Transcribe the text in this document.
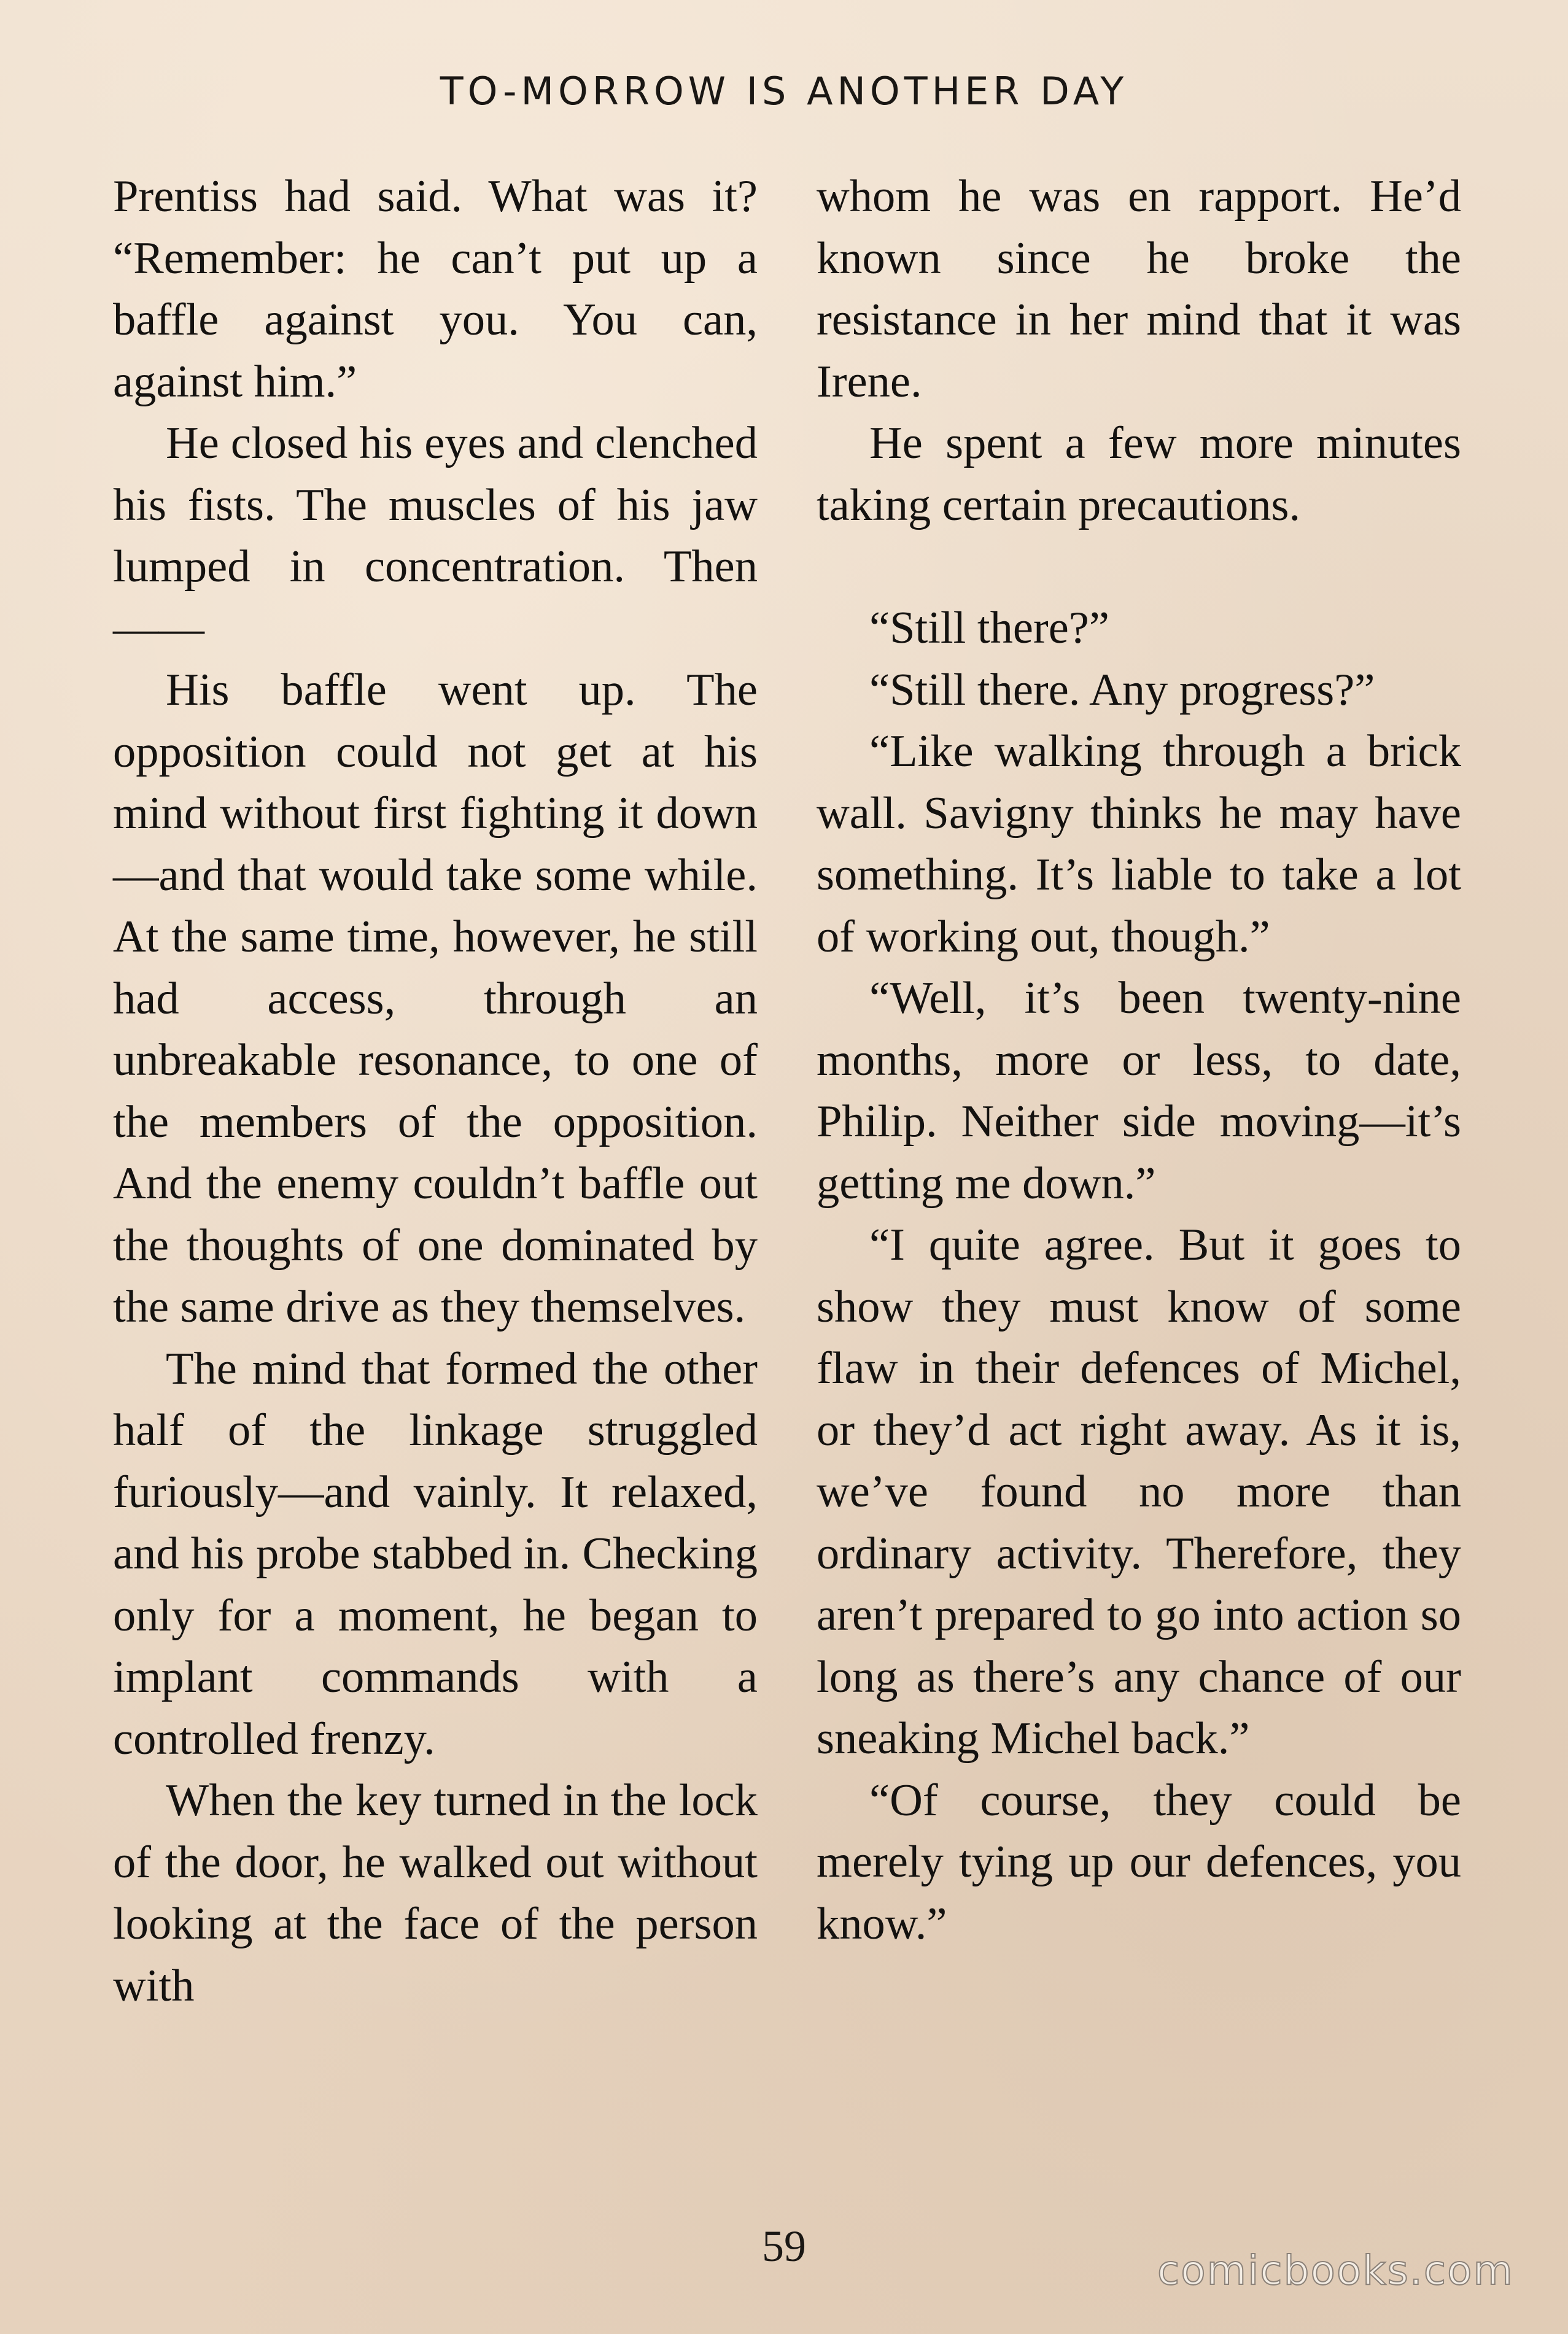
TO-MORROW IS ANOTHER DAY

Prentiss had said. What was it? “Remember: he can’t put up a baffle against you. You can, against him.”

He closed his eyes and clenched his fists. The muscles of his jaw lumped in concentration. Then——

His baffle went up. The opposition could not get at his mind without first fighting it down—and that would take some while. At the same time, however, he still had access, through an unbreakable resonance, to one of the members of the opposition. And the enemy couldn’t baffle out the thoughts of one dominated by the same drive as they themselves.

The mind that formed the other half of the linkage struggled furiously—and vainly. It relaxed, and his probe stabbed in. Checking only for a moment, he began to implant commands with a controlled frenzy.

When the key turned in the lock of the door, he walked out without looking at the face of the person with

whom he was en rapport. He’d known since he broke the resistance in her mind that it was Irene.

He spent a few more minutes taking certain precautions.

“Still there?”

“Still there. Any progress?”

“Like walking through a brick wall. Savigny thinks he may have something. It’s liable to take a lot of working out, though.”

“Well, it’s been twenty-nine months, more or less, to date, Philip. Neither side moving—it’s getting me down.”

“I quite agree. But it goes to show they must know of some flaw in their defences of Michel, or they’d act right away. As it is, we’ve found no more than ordinary activity. Therefore, they aren’t prepared to go into action so long as there’s any chance of our sneaking Michel back.”

“Of course, they could be merely tying up our defences, you know.”

59	comicbooks.com
